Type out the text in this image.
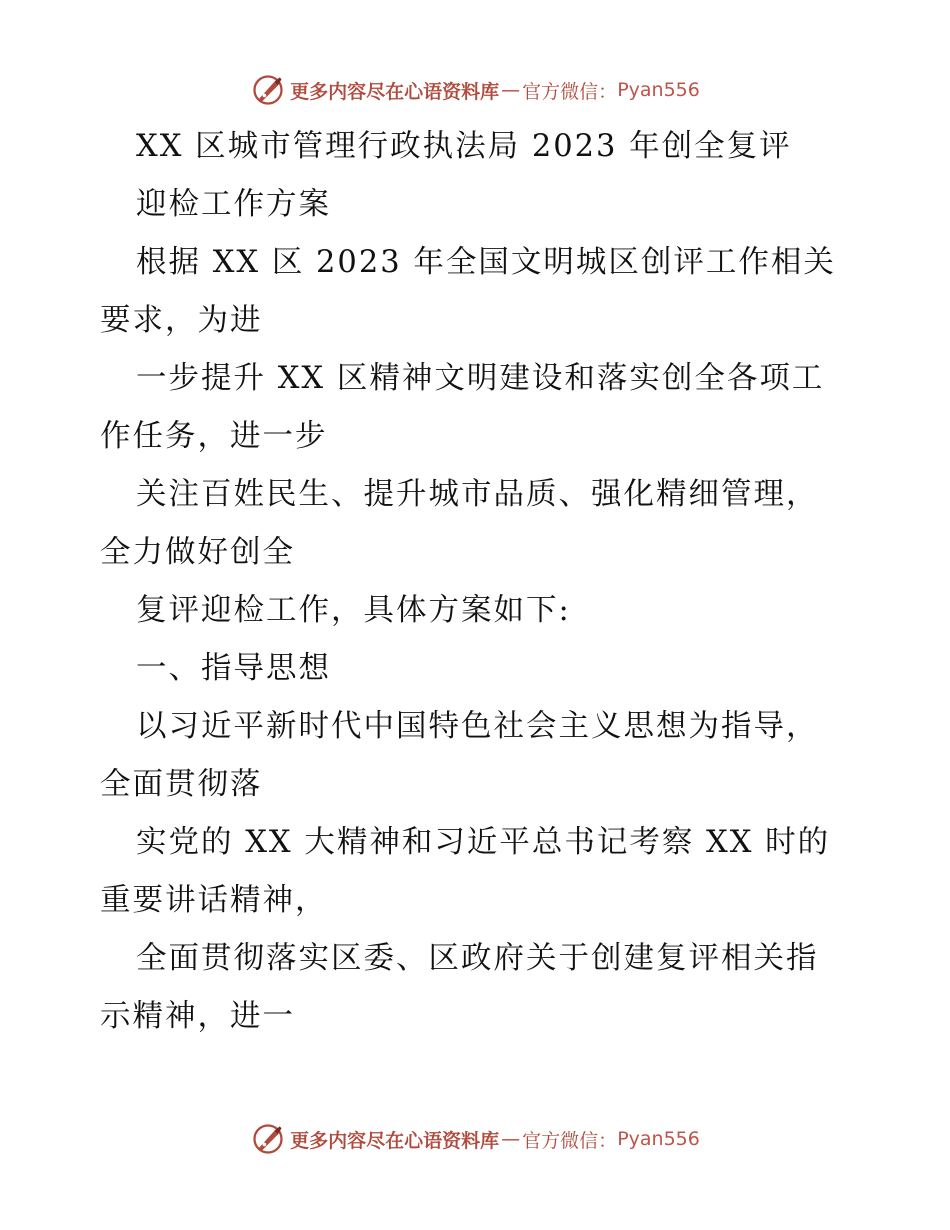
更多内容尽在心语资料库 — 官方微信： Pyan556
XX 区城市管理行政执法局 2023 年创全复评
迎检工作方案
根据 XX 区 2023 年全国文明城区创评工作相关
要求，为进
一步提升 XX 区精神文明建设和落实创全各项工
作任务，进一步
关注百姓民生、提升城市品质、强化精细管理，
全力做好创全
复评迎检工作，具体方案如下:
一、指导思想
以习近平新时代中国特色社会主义思想为指导，
全面贯彻落
实党的 XX 大精神和习近平总书记考察 XX 时的
重要讲话精神，
全面贯彻落实区委、区政府关于创建复评相关指
示精神，进一
更多内容尽在心语资料库 — 官方微信： Pyan556
